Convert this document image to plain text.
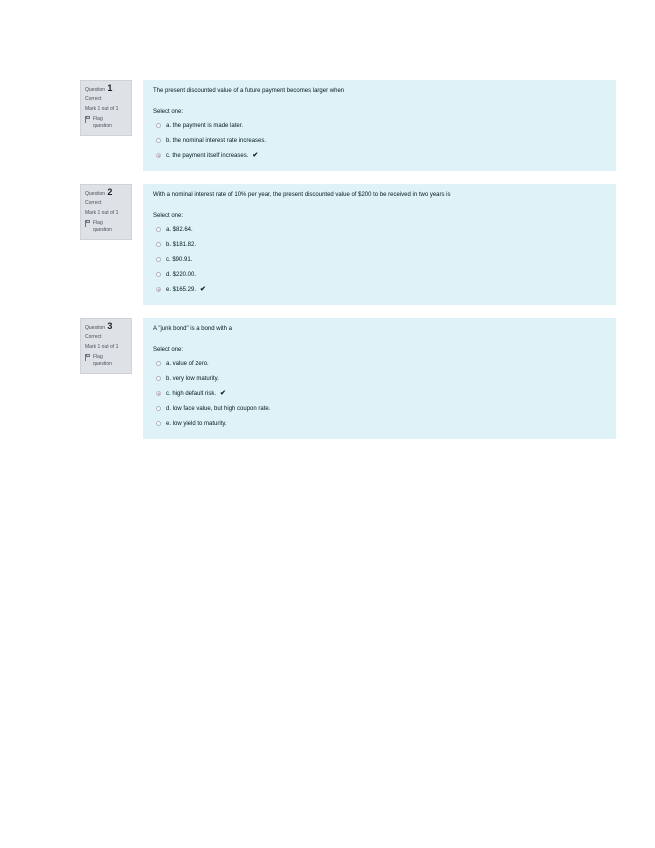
Question 1
Correct
Mark 1 out of 1
Flag question
The present discounted value of a future payment becomes larger when
Select one:
a. the payment is made later.
b. the nominal interest rate increases.
c. the payment itself increases. ✔
Question 2
Correct
Mark 1 out of 1
Flag question
With a nominal interest rate of 10% per year, the present discounted value of $200 to be received in two years is
Select one:
a. $82.64.
b. $181.82.
c. $90.91.
d. $220.00.
e. $165.29. ✔
Question 3
Correct
Mark 1 out of 1
Flag question
A "junk bond" is a bond with a
Select one:
a. value of zero.
b. very low maturity.
c. high default risk. ✔
d. low face value, but high coupon rate.
e. low yield to maturity.
